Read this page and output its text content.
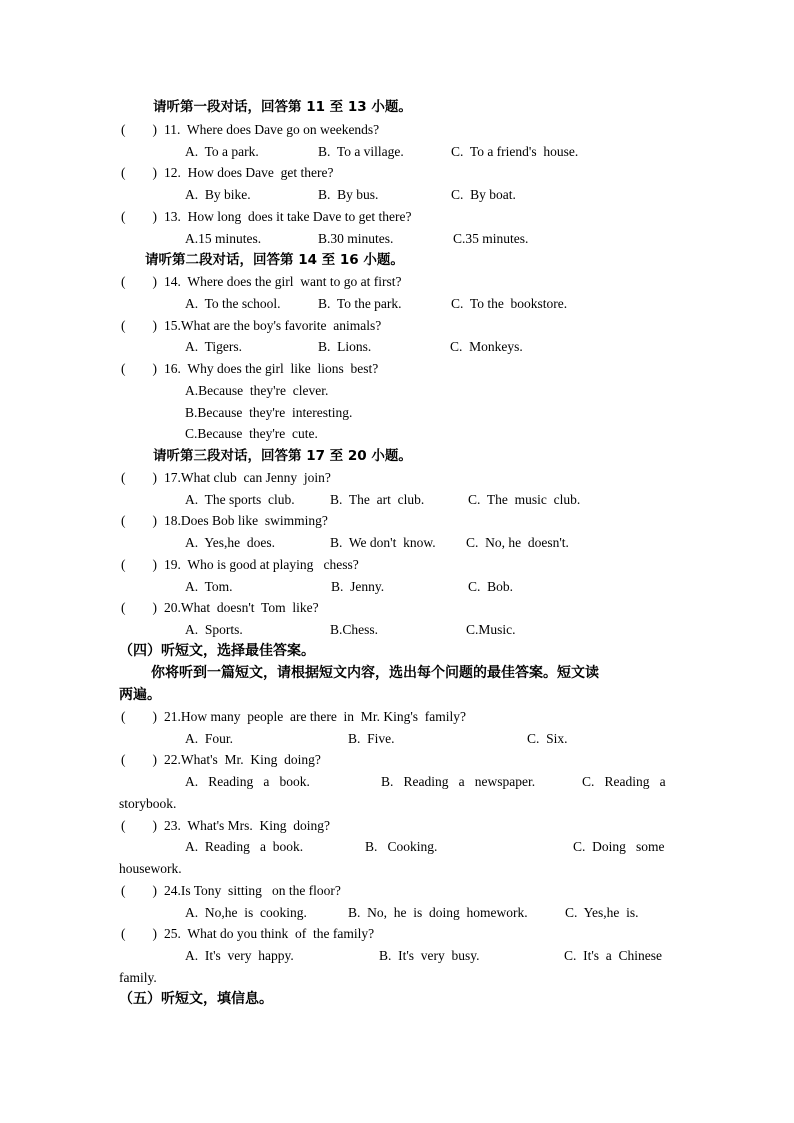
请听第一段对话，回答第 11 至 13 小题。
(        ) 11.  Where does Dave go on weekends?
A.  To a park.	B.  To a village.	C.  To a friend's  house.
(        ) 12.  How does Dave  get there?
A.  By bike.	B.  By bus.	C.  By boat.
(        ) 13.  How long  does it take Dave to get there?
A.15 minutes.	B.30 minutes.	C.35 minutes.
请听第二段对话，回答第 14 至 16 小题。
(        ) 14.  Where does the girl  want to go at first?
A.  To the school.	B.  To the park.	C.  To the  bookstore.
(        ) 15.What are the boy's favorite  animals?
A.  Tigers.	B.  Lions.	C.  Monkeys.
(        ) 16.  Why does the girl  like  lions  best?
A.Because  they're  clever.
B.Because  they're  interesting.
C.Because  they're  cute.
请听第三段对话，回答第 17 至 20 小题。
(        ) 17.What club  can Jenny  join?
A.  The sports  club.	B.  The  art  club.	C.  The  music  club.
(        ) 18.Does Bob like  swimming?
A.  Yes,he  does.	B.  We don't  know. C.  No, he  doesn't.
(        ) 19.  Who is good at playing   chess?
A.  Tom.	B.  Jenny.	C.  Bob.
(        ) 20.What  doesn't  Tom  like?
A.  Sports.	B.Chess.	C.Music.
（四）听短文，选择最佳答案。
你将听到一篇短文，请根据短文内容，选出每个问题的最佳答案。短文读
两遍。
(        ) 21.How many  people  are there  in  Mr. King's  family?
A.  Four.	B.  Five.	C.  Six.
(        ) 22.What's  Mr.  King  doing?
A.   Reading   a   book.	B.   Reading   a   newspaper.	C.   Reading   a
storybook.
(        ) 23.  What's Mrs.  King  doing?
A.  Reading   a  book.	B.   Cooking.	C.  Doing   some
housework.
(        ) 24.Is Tony  sitting   on the floor?
A.  No,he  is  cooking.	B.  No,  he  is  doing  homework.	C.  Yes,he  is.
(        ) 25.  What do you think  of  the family?
A.  It's  very  happy.	B.  It's  very  busy.	C.  It's  a  Chinese
family.
（五）听短文，填信息。
